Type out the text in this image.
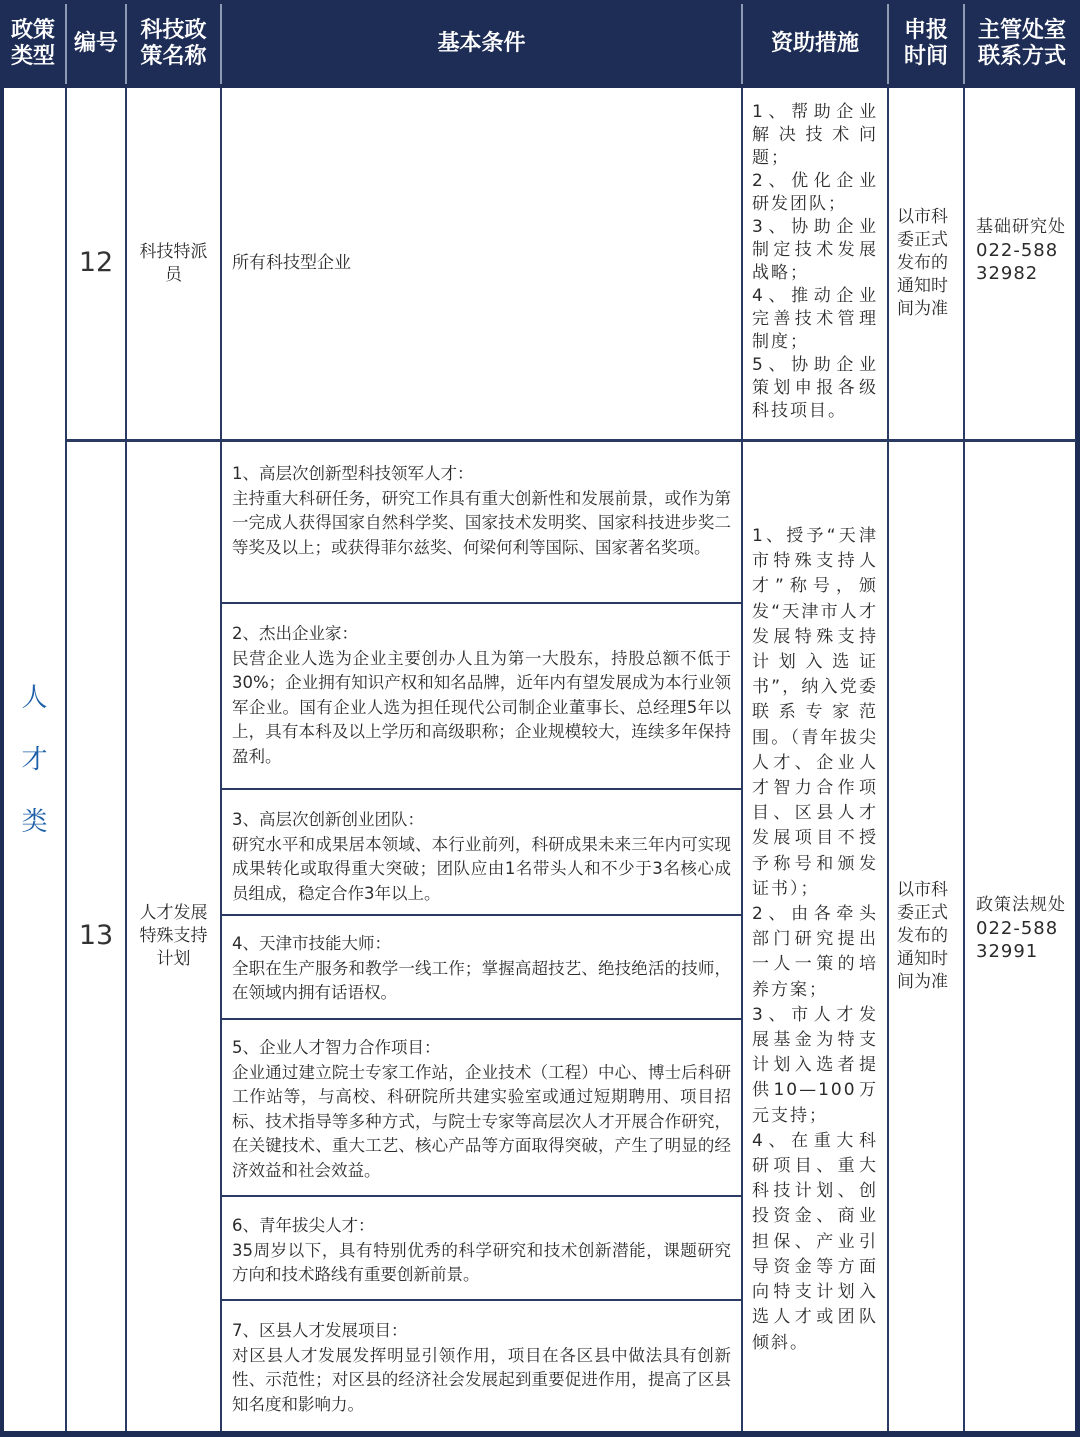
政策
类型
编号
科技政
策名称
基本条件	资助措施
申报
时间
主管处室
联系方式
人
才
类
12	科技特派
员
所有科技型企业
1、帮助企业解决技术问题；
2、优化企业研发团队；
3、协助企业制定技术发展战略；
4、推动企业完善技术管理制度；
5、协助企业策划申报各级科技项目。
以市科委正式发布的通知时间为准
基础研究处
022-58832982
13
人才发展
特殊支持
计划
1、高层次创新型科技领军人才：
主持重大科研任务，研究工作具有重大创新性和发展前景，或作为第一完成人获得国家自然科学奖、国家技术发明奖、国家科技进步奖二等奖及以上；或获得菲尔兹奖、何梁何利等国际、国家著名奖项。
2、杰出企业家：
民营企业人选为企业主要创办人且为第一大股东，持股总额不低于30%；企业拥有知识产权和知名品牌，近年内有望发展成为本行业领军企业。国有企业人选为担任现代公司制企业董事长、总经理5年以上，具有本科及以上学历和高级职称；企业规模较大，连续多年保持盈利。
3、高层次创新创业团队：
研究水平和成果居本领域、本行业前列，科研成果未来三年内可实现成果转化或取得重大突破；团队应由1名带头人和不少于3名核心成员组成，稳定合作3年以上。
4、天津市技能大师：
全职在生产服务和教学一线工作；掌握高超技艺、绝技绝活的技师，在领域内拥有话语权。
5、企业人才智力合作项目：
企业通过建立院士专家工作站，企业技术（工程）中心、博士后科研工作站等，与高校、科研院所共建实验室或通过短期聘用、项目招标、技术指导等多种方式，与院士专家等高层次人才开展合作研究，在关键技术、重大工艺、核心产品等方面取得突破，产生了明显的经济效益和社会效益。
6、青年拔尖人才：
35周岁以下，具有特别优秀的科学研究和技术创新潜能，课题研究方向和技术路线有重要创新前景。
7、区县人才发展项目：
对区县人才发展发挥明显引领作用，项目在各区县中做法具有创新性、示范性；对区县的经济社会发展起到重要促进作用，提高了区县知名度和影响力。
1、授予“天津市特殊支持人才”称号，颁发“天津市人才发展特殊支持计划入选证书”，纳入党委联系专家范围。（青年拔尖人才、企业人才智力合作项目、区县人才发展项目不授予称号和颁发证书）；
2、由各牵头部门研究提出一人一策的培养方案；
3、市人才发展基金为特支计划入选者提供10—100万元支持；
4、在重大科研项目、重大科技计划、创投资金、商业担保、产业引导资金等方面向特支计划入选人才或团队倾斜。
以市科委正式发布的通知时间为准
政策法规处
022-58832991
